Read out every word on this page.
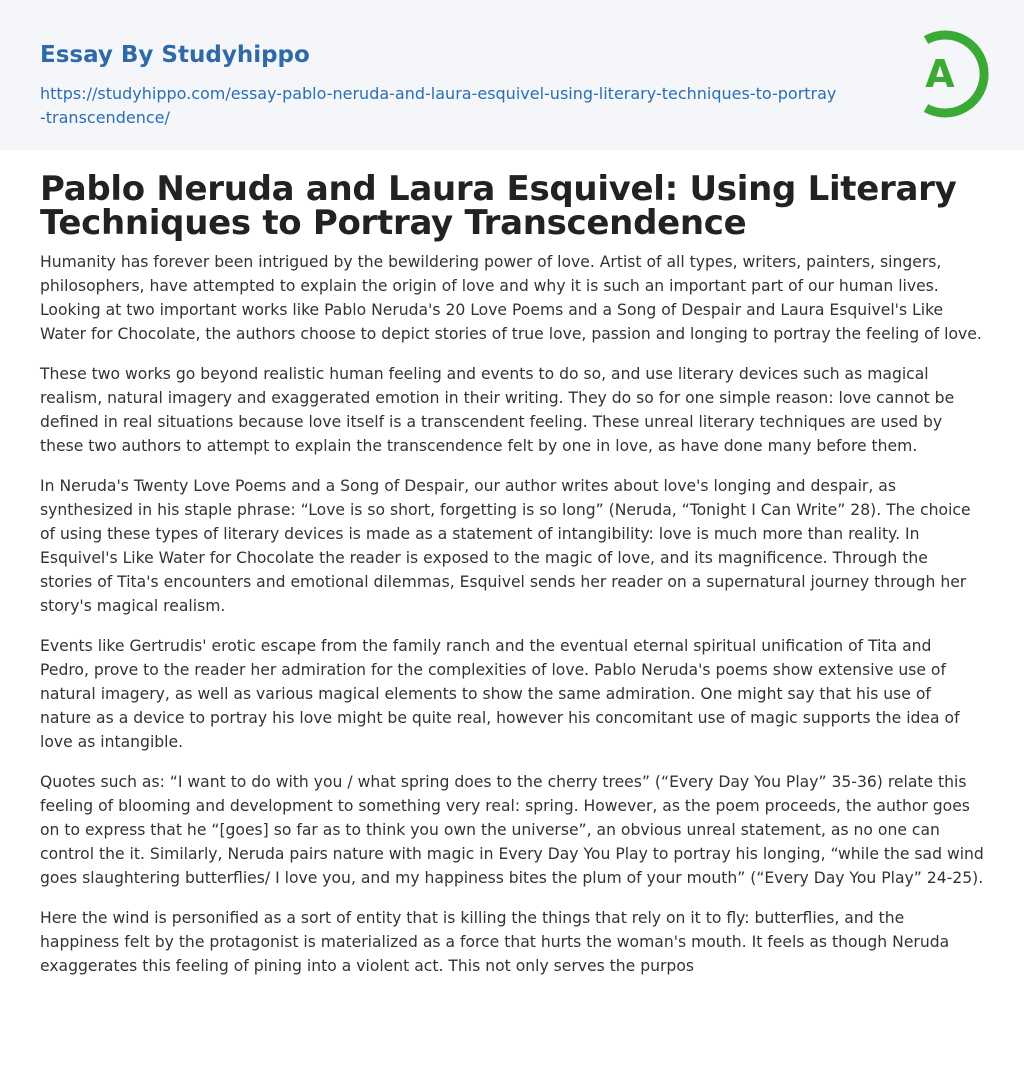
Essay By Studyhippo
https://studyhippo.com/essay-pablo-neruda-and-laura-esquivel-using-literary-techniques-to-portray-transcendence/
A
Pablo Neruda and Laura Esquivel: Using Literary Techniques to Portray Transcendence

Humanity has forever been intrigued by the bewildering power of love. Artist of all types, writers, painters, singers, philosophers, have attempted to explain the origin of love and why it is such an important part of our human lives. Looking at two important works like Pablo Neruda's 20 Love Poems and a Song of Despair and Laura Esquivel's Like Water for Chocolate, the authors choose to depict stories of true love, passion and longing to portray the feeling of love.

These two works go beyond realistic human feeling and events to do so, and use literary devices such as magical realism, natural imagery and exaggerated emotion in their writing. They do so for one simple reason: love cannot be defined in real situations because love itself is a transcendent feeling. These unreal literary techniques are used by these two authors to attempt to explain the transcendence felt by one in love, as have done many before them.

In Neruda's Twenty Love Poems and a Song of Despair, our author writes about love's longing and despair, as synthesized in his staple phrase: “Love is so short, forgetting is so long” (Neruda, “Tonight I Can Write” 28). The choice of using these types of literary devices is made as a statement of intangibility: love is much more than reality. In Esquivel's Like Water for Chocolate the reader is exposed to the magic of love, and its magnificence. Through the stories of Tita's encounters and emotional dilemmas, Esquivel sends her reader on a supernatural journey through her story's magical realism.

Events like Gertrudis' erotic escape from the family ranch and the eventual eternal spiritual unification of Tita and Pedro, prove to the reader her admiration for the complexities of love. Pablo Neruda's poems show extensive use of natural imagery, as well as various magical elements to show the same admiration. One might say that his use of nature as a device to portray his love might be quite real, however his concomitant use of magic supports the idea of love as intangible.

Quotes such as: “I want to do with you / what spring does to the cherry trees” (“Every Day You Play” 35-36) relate this feeling of blooming and development to something very real: spring. However, as the poem proceeds, the author goes on to express that he “[goes] so far as to think you own the universe”, an obvious unreal statement, as no one can control the it. Similarly, Neruda pairs nature with magic in Every Day You Play to portray his longing, “while the sad wind goes slaughtering butterflies/ I love you, and my happiness bites the plum of your mouth” (“Every Day You Play” 24-25).

Here the wind is personified as a sort of entity that is killing the things that rely on it to fly: butterflies, and the happiness felt by the protagonist is materialized as a force that hurts the woman's mouth. It feels as though Neruda exaggerates this feeling of pining into a violent act. This not only serves the purpos
